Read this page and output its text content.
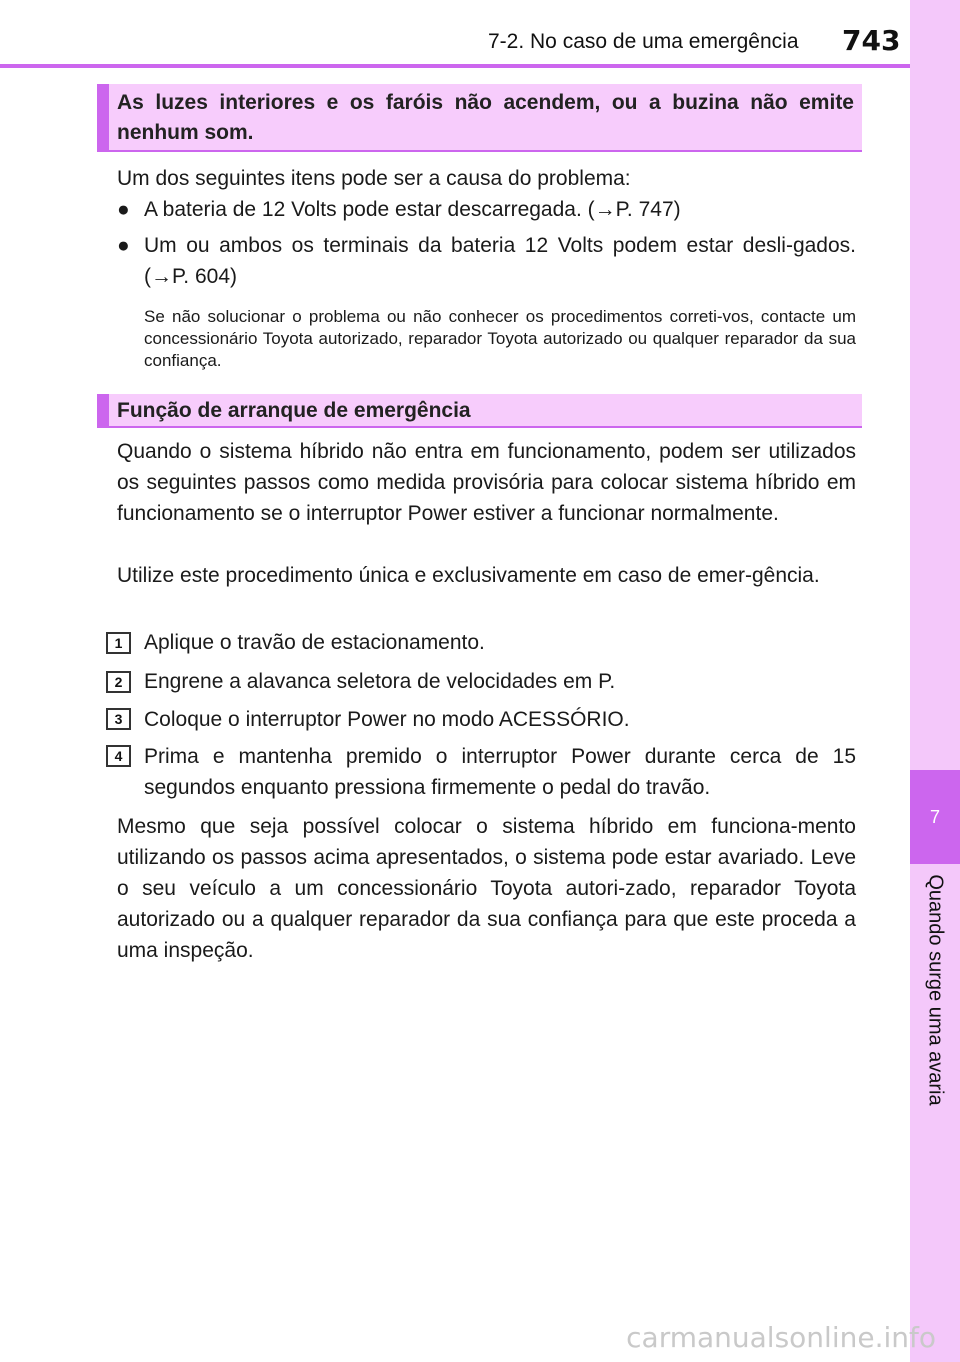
7-2. No caso de uma emergência 743
7
Quando surge uma avaria
As luzes interiores e os faróis não acendem, ou a buzina não emite nenhum som.
Um dos seguintes itens pode ser a causa do problema:
● A bateria de 12 Volts pode estar descarregada. (→P. 747)
● Um ou ambos os terminais da bateria 12 Volts podem estar desli-gados. (→P. 604)
Se não solucionar o problema ou não conhecer os procedimentos correti-vos, contacte um concessionário Toyota autorizado, reparador Toyota autorizado ou qualquer reparador da sua confiança.
Função de arranque de emergência
Quando o sistema híbrido não entra em funcionamento, podem ser utilizados os seguintes passos como medida provisória para colocar sistema híbrido em funcionamento se o interruptor Power estiver a funcionar normalmente.
Utilize este procedimento única e exclusivamente em caso de emer-gência.
1	Aplique o travão de estacionamento.
2	Engrene a alavanca seletora de velocidades em P.
3	Coloque o interruptor Power no modo ACESSÓRIO.
4	Prima e mantenha premido o interruptor Power durante cerca de 15 segundos enquanto pressiona firmemente o pedal do travão.
Mesmo que seja possível colocar o sistema híbrido em funciona-mento utilizando os passos acima apresentados, o sistema pode estar avariado. Leve o seu veículo a um concessionário Toyota autori-zado, reparador Toyota autorizado ou a qualquer reparador da sua confiança para que este proceda a uma inspeção.
carmanualsonline.info
